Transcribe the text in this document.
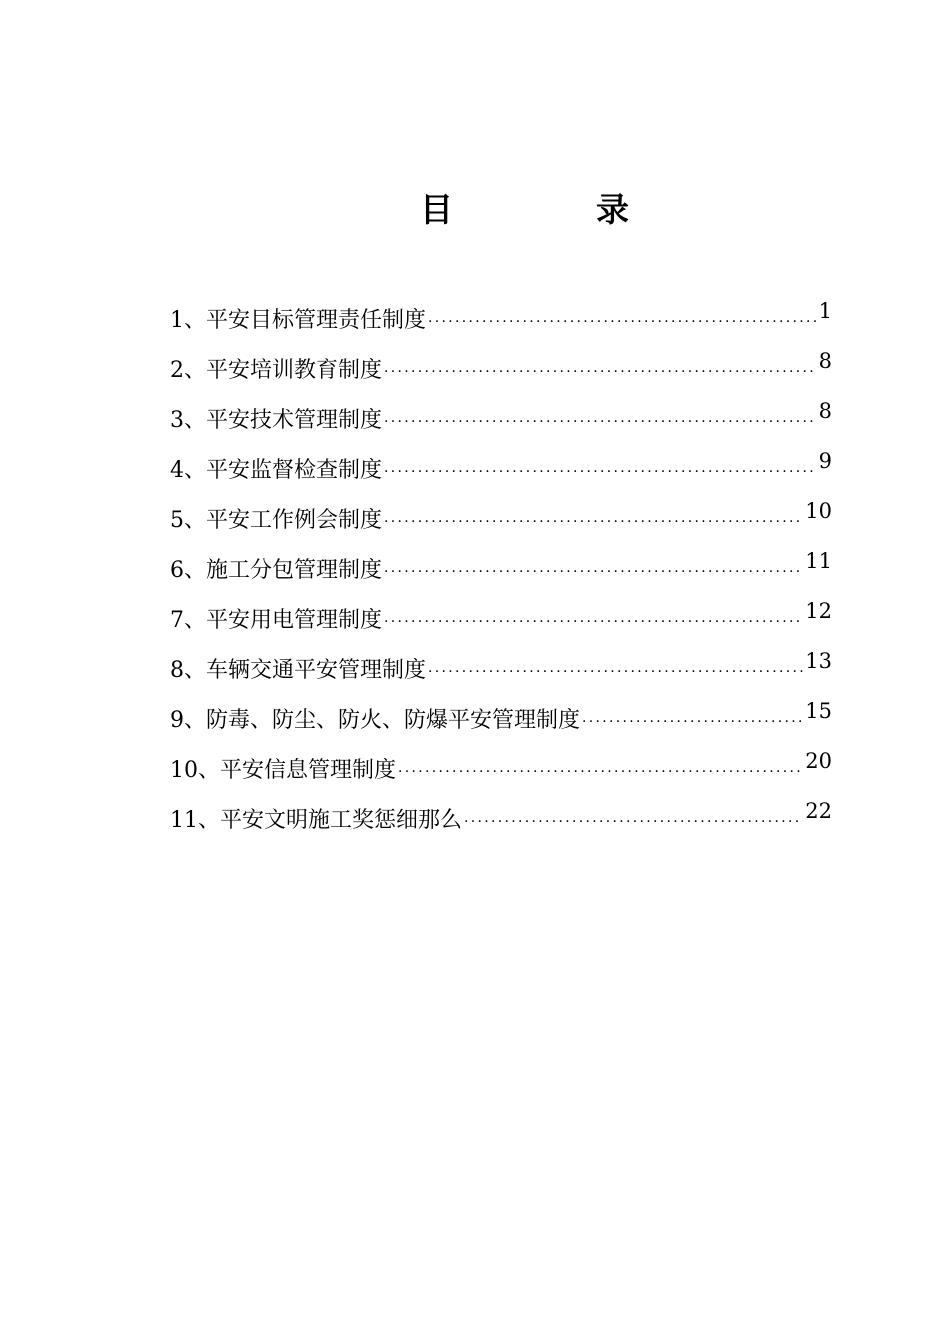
目	录
1、平安目标管理责任制度 ·····	1
2、平安培训教育制度 ·····	8
3、平安技术管理制度 ·····	8
4、平安监督检查制度 ·····	9
5、平安工作例会制度 ·····	10
6、施工分包管理制度 ·····	11
7、平安用电管理制度 ·····	12
8、车辆交通平安管理制度 ·····	13
9、防毒、防尘、防火、防爆平安管理制度 ·····	15
10、平安信息管理制度 ·····	20
11、平安文明施工奖惩细那么 ·····	22
